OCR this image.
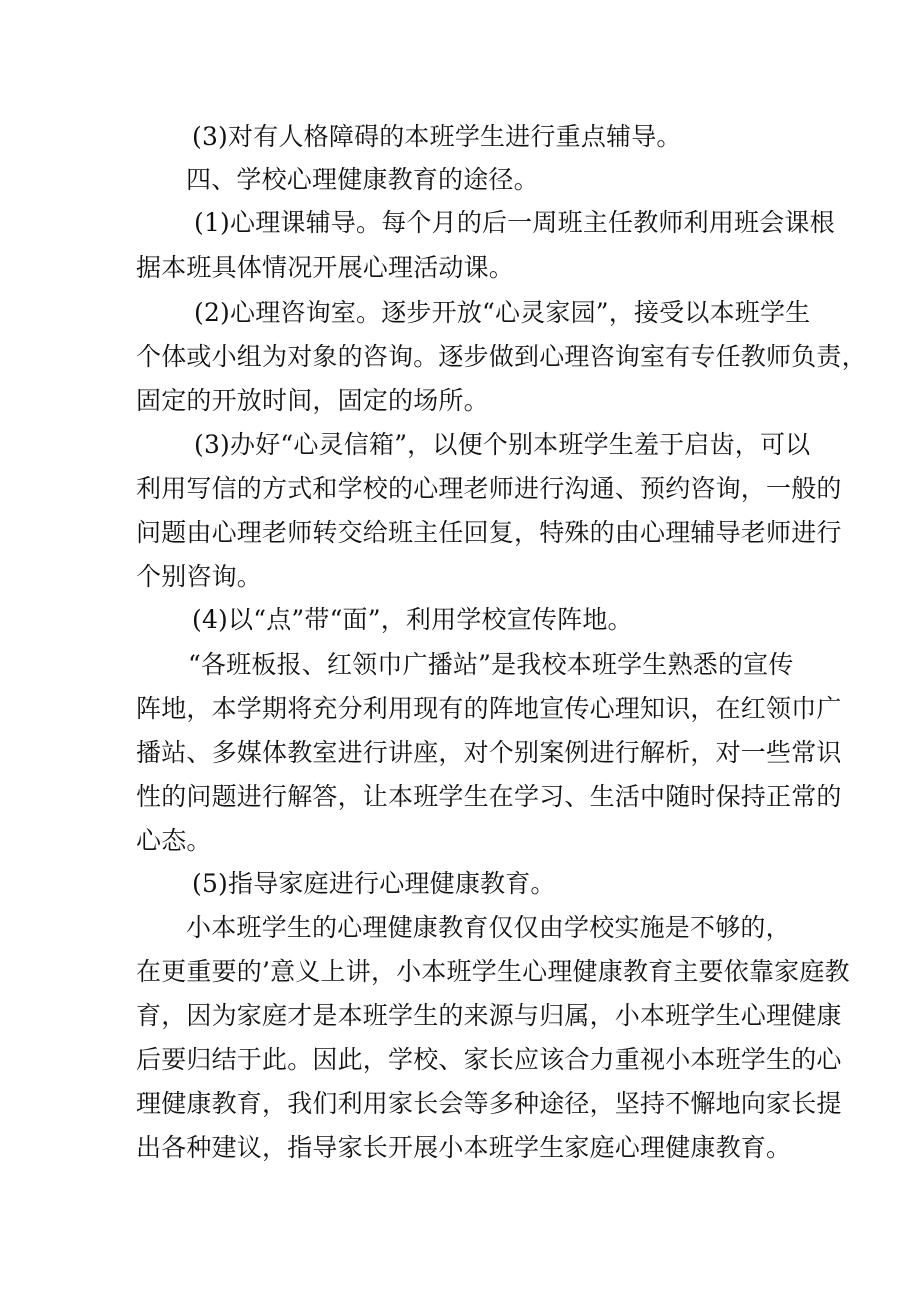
(3)对有人格障碍的本班学生进行重点辅导。
四、学校心理健康教育的途径。
(1)心理课辅导。每个月的后一周班主任教师利用班会课根
据本班具体情况开展心理活动课。
(2)心理咨询室。逐步开放“心灵家园”，接受以本班学生
个体或小组为对象的咨询。逐步做到心理咨询室有专任教师负责，
固定的开放时间，固定的场所。
(3)办好“心灵信箱”，以便个别本班学生羞于启齿，可以
利用写信的方式和学校的心理老师进行沟通、预约咨询，一般的
问题由心理老师转交给班主任回复，特殊的由心理辅导老师进行
个别咨询。
(4)以“点”带“面”，利用学校宣传阵地。
“各班板报、红领巾广播站”是我校本班学生熟悉的宣传
阵地，本学期将充分利用现有的阵地宣传心理知识，在红领巾广
播站、多媒体教室进行讲座，对个别案例进行解析，对一些常识
性的问题进行解答，让本班学生在学习、生活中随时保持正常的
心态。
(5)指导家庭进行心理健康教育。
小本班学生的心理健康教育仅仅由学校实施是不够的，
在更重要的’意义上讲，小本班学生心理健康教育主要依靠家庭教
育，因为家庭才是本班学生的来源与归属，小本班学生心理健康
后要归结于此。因此，学校、家长应该合力重视小本班学生的心
理健康教育，我们利用家长会等多种途径，坚持不懈地向家长提
出各种建议，指导家长开展小本班学生家庭心理健康教育。
